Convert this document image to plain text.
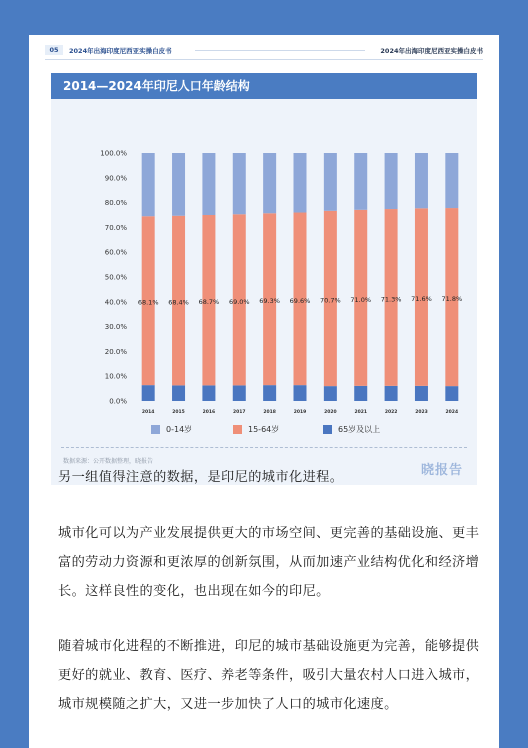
05	2024年出海印度尼西亚实操白皮书	2024年出海印度尼西亚实操白皮书
2014—2024年印尼人口年龄结构
0.0%
10.0%
20.0%
30.0%
40.0%
50.0%
60.0%
70.0%
80.0%
90.0%
100.0%
2014
68.1%
2015
68.4%
2016
68.7%
2017
69.0%
2018
69.3%
2019
69.6%
2020
70.7%
2021
71.0%
2022
71.3%
2023
71.6%
2024
71.8%
0-14岁	15-64岁	65岁及以上
数据来源：公开数据整理，晓报告
晓报告
另一组值得注意的数据，是印尼的城市化进程。
城市化可以为产业发展提供更大的市场空间、更完善的基础设施、更丰富的劳动力资源和更浓厚的创新氛围，从而加速产业结构优化和经济增长。这样良性的变化，也出现在如今的印尼。
随着城市化进程的不断推进，印尼的城市基础设施更为完善，能够提供更好的就业、教育、医疗、养老等条件，吸引大量农村人口进入城市，城市规模随之扩大，又进一步加快了人口的城市化速度。
